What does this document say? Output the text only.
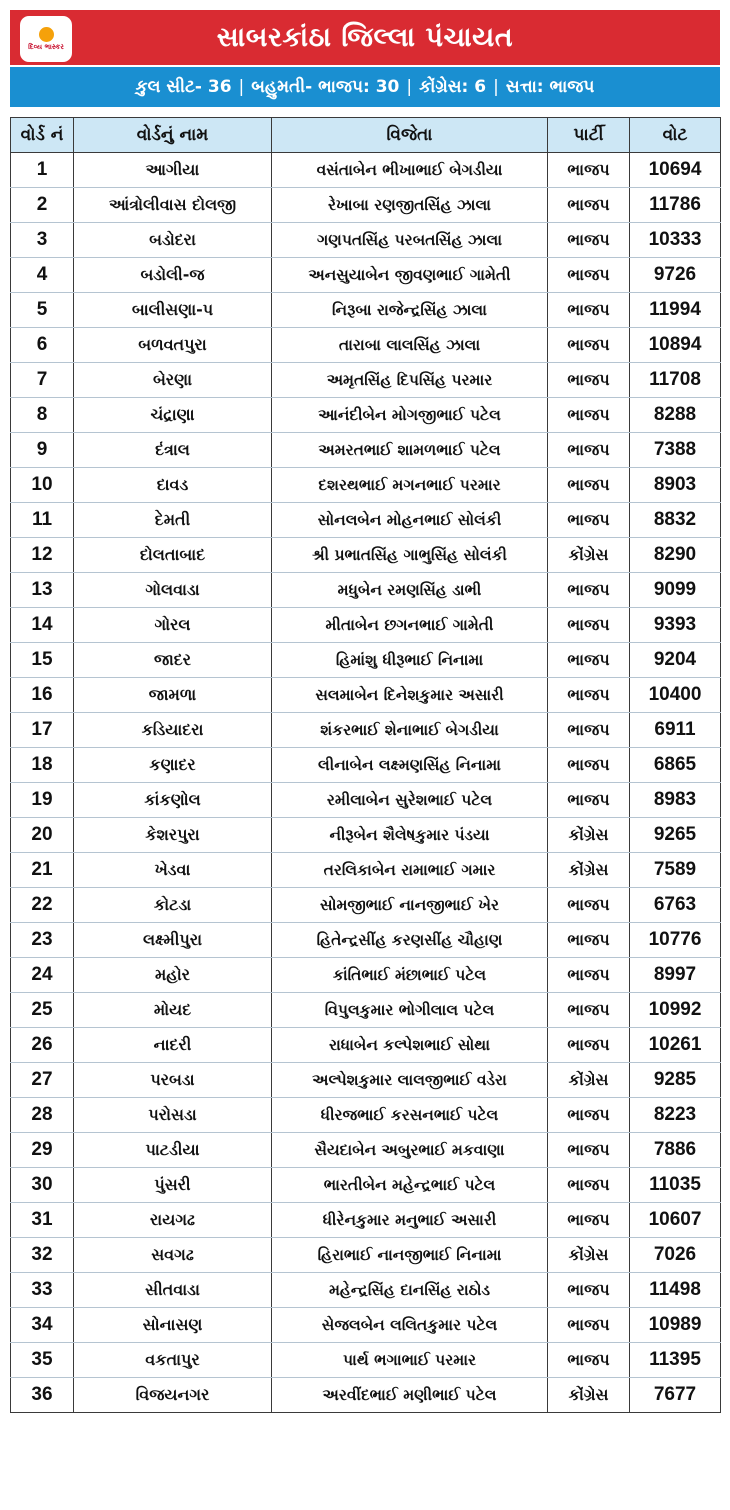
દિવ્ય ભાસ્કર	સાબરકાંઠા જિલ્લા પંચાયત
કુલ સીટ- 36 | બહુમતી- ભાજપ: 30 | કોંગ્રેસ: 6 | સત્તા: ભાજપ
વોર્ડ નં	વોર્ડનું નામ	વિજેતા	પાર્ટી	વોટ
1	આગીયા	વસંતાબેન ભીખાભાઈ બેગડીયા	ભાજપ	10694
2	આંત્રોલીવાસ દોલજી	રેખાબા રણજીતસિંહ ઝાલા	ભાજપ	11786
3	બડોદરા	ગણપતસિંહ પરબતસિંહ ઝાલા	ભાજપ	10333
4	બડોલી-જ	અનસુયાબેન જીવણભાઈ ગામેતી	ભાજપ	9726
5	બાલીસણા-પ	નિરૂબા રાજેન્દ્રસિંહ ઝાલા	ભાજપ	11994
6	બળવતપુરા	તારાબા લાલસિંહ ઝાલા	ભાજપ	10894
7	બેરણા	અમૃતસિંહ દિપસિંહ પરમાર	ભાજપ	11708
8	ચંદ્રાણા	આનંદીબેન મોગજીભાઈ પટેલ	ભાજપ	8288
9	દંત્રાલ	અમરતભાઈ શામળભાઈ પટેલ	ભાજપ	7388
10	દાવડ	દશરથભાઈ મગનભાઈ પરમાર	ભાજપ	8903
11	દેમતી	સોનલબેન મોહનભાઈ સોલંકી	ભાજપ	8832
12	દોલતાબાદ	શ્રી પ્રભાતસિંહ ગાભુસિંહ સોલંકી	કોંગ્રેસ	8290
13	ગોલવાડા	મધુબેન રમણસિંહ ડાભી	ભાજપ	9099
14	ગોરલ	મીતાબેન છગનભાઈ ગામેતી	ભાજપ	9393
15	જાદર	હિમાંશુ ધીરૂભાઈ નિનામા	ભાજપ	9204
16	જામળા	સલમાબેન દિનેશકુમાર અસારી	ભાજપ	10400
17	કડિયાદરા	શંકરભાઈ શેનાભાઈ બેગડીયા	ભાજપ	6911
18	કણાદર	લીનાબેન લક્ષ્મણસિંહ નિનામા	ભાજપ	6865
19	કાંકણોલ	રમીલાબેન સુરેશભાઈ પટેલ	ભાજપ	8983
20	કેશરપુરા	નીરૂબેન શૈલેષકુમાર પંડયા	કોંગ્રેસ	9265
21	ખેડવા	તરલિકાબેન રામાભાઈ ગમાર	કોંગ્રેસ	7589
22	કોટડા	સોમજીભાઈ નાનજીભાઈ ખેર	ભાજપ	6763
23	લક્ષ્મીપુરા	હિતેન્દ્રસીંહ કરણસીંહ ચૌહાણ	ભાજપ	10776
24	મહોર	કાંતિભાઈ મંછાભાઈ પટેલ	ભાજપ	8997
25	મોયદ	વિપુલકુમાર ભોગીલાલ પટેલ	ભાજપ	10992
26	નાદરી	રાધાબેન કલ્પેશભાઈ સોથા	ભાજપ	10261
27	પરબડા	અલ્પેશકુમાર લાલજીભાઈ વડેરા	કોંગ્રેસ	9285
28	પરોસડા	ધીરજભાઈ કરસનભાઈ પટેલ	ભાજપ	8223
29	પાટડીયા	સૈયદાબેન અબુરભાઈ મકવાણા	ભાજપ	7886
30	પુંસરી	ભારતીબેન મહેન્દ્રભાઈ પટેલ	ભાજપ	11035
31	રાયગઢ	ધીરેનકુમાર મનુભાઈ અસારી	ભાજપ	10607
32	સવગઢ	હિરાભાઈ નાનજીભાઈ નિનામા	કોંગ્રેસ	7026
33	સીતવાડા	મહેન્દ્રસિંહ દાનસિંહ રાઠોડ	ભાજપ	11498
34	સોનાસણ	સેજલબેન લલિતકુમાર પટેલ	ભાજપ	10989
35	વકતાપુર	પાર્થ ભગાભાઈ પરમાર	ભાજપ	11395
36	વિજયનગર	અરવીંદભાઈ મણીભાઈ પટેલ	કોંગ્રેસ	7677
